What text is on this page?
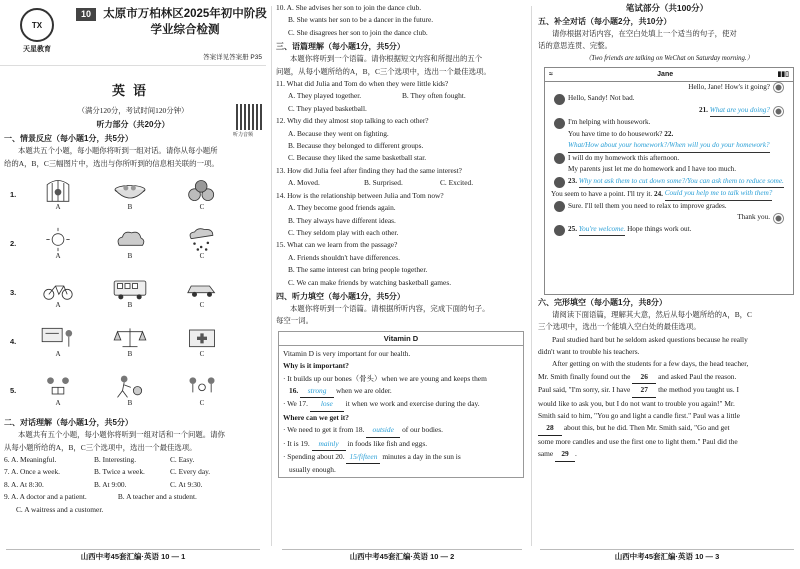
TX
天星教育
10	太原市万柏林区2025年初中阶段
学业综合检测
答案详见答案册 P35
英语
（满分120分，考试时间120分钟）
听力部分（共20分）
听力音频
一、情景反应（每小题1分，共5分）
本题共五个小题，每小题你将听到一组对话。请你从每小题所
给的A，B，C三幅图片中，选出与你所听到的信息相关联的一项。
1.
A	B	C
2.
A	B	C
3.
A	B	C
4.
A	B	C
5.
A	B	C
二、对话理解（每小题1分，共5分）
本题共有五个小题，每小题你将听到一组对话和一个问题。请你
从每小题所给的A，B，C三个选项中，选出一个最佳选项。
6. A. Meaningful.	B. Interesting.	C. Easy.
7. A. Once a week.	B. Twice a week.	C. Every day.
8. A. At 8:30.	B. At 9:00.	C. At 9:30.
9. A. A doctor and a patient.	B. A teacher and a student.
C. A waitress and a customer.
山西中考45套汇编·英语 10 — 1
10. A. She advises her son to join the dance club.
B. She wants her son to be a dancer in the future.
C. She disagrees her son to join the dance club.
三、语篇理解（每小题1分，共5分）
本题你将听到一个语篇。请你根据短文内容和所提出的五个
问题，从每小题所给的A，B，C三个选项中，选出一个最佳选项。
11. What did Julia and Tom do when they were little kids?
A. They played together.	B. They often fought.
C. They played basketball.
12. Why did they almost stop talking to each other?
A. Because they went on fighting.
B. Because they belonged to different groups.
C. Because they liked the same basketball star.
13. How did Julia feel after finding they had the same interest?
A. Moved.	B. Surprised.	C. Excited.
14. How is the relationship between Julia and Tom now?
A. They become good friends again.
B. They always have different ideas.
C. They seldom play with each other.
15. What can we learn from the passage?
A. Friends shouldn't have differences.
B. The same interest can bring people together.
C. We can make friends by watching basketball games.
四、听力填空（每小题1分，共5分）
本题你将听到一个语篇。请根据所听内容，完成下面的句子。
每空一词。
Vitamin D
Vitamin D is very important for our health.
Why is it important?
· It builds up our bones（骨头）when we are young and keeps them
16. strong when we are older.
· We 17. lose it when we work and exercise during the day.
Where can we get it?
· We need to get it from 18. outside of our bodies.
· It is 19. mainly in foods like fish and eggs.
· Spending about 20. 15/fifteen minutes a day in the sun is
usually enough.
山西中考45套汇编·英语 10 — 2
笔试部分（共100分）
五、补全对话（每小题2分，共10分）
请你根据对话内容，在空白处填上一个适当的句子，使对
话的意思连贯、完整。
（Two friends are talking on WeChat on Saturday morning.）
≈	Jane	▮▮▯
Hello, Jane! How's it going?
Hello, Sandy! Not bad.
21.
What are you doing?
I'm helping with housework.
You have time to do housework?
22.

What/How about your homework?/When will you do your homework?
I will do my homework this afternoon.
My parents just let me do homework and I have too much.
23.
Why not ask them to cut down some?/You can ask them to reduce some.
You seem to have a point. I'll try it.
24.
Could you help me to talk with them?
Sure. I'll tell them you need to relax to improve grades.
Thank you.
25.
You're welcome.
Hope things work out.
六、完形填空（每小题1分，共8分）
请阅读下面语篇，理解其大意，然后从每小题所给的A，B，C
三个选项中，选出一个能填入空白处的最佳选项。
Paul studied hard but he seldom asked questions because he really
didn't want to trouble his teachers.
After getting on with the students for a few days, the head teacher,
Mr. Smith finally found out the 26 and asked Paul the reason.
Paul said, "I'm sorry, sir. I have 27 the method you taught us. I
would like to ask you, but I do not want to trouble you again!" Mr.
Smith said to him, "You go and light a candle first." Paul was a little
28 about this, but he did. Then Mr. Smith said, "Go and get
some more candles and use the first one to light them." Paul did the
same 29 .
山西中考45套汇编·英语 10 — 3
